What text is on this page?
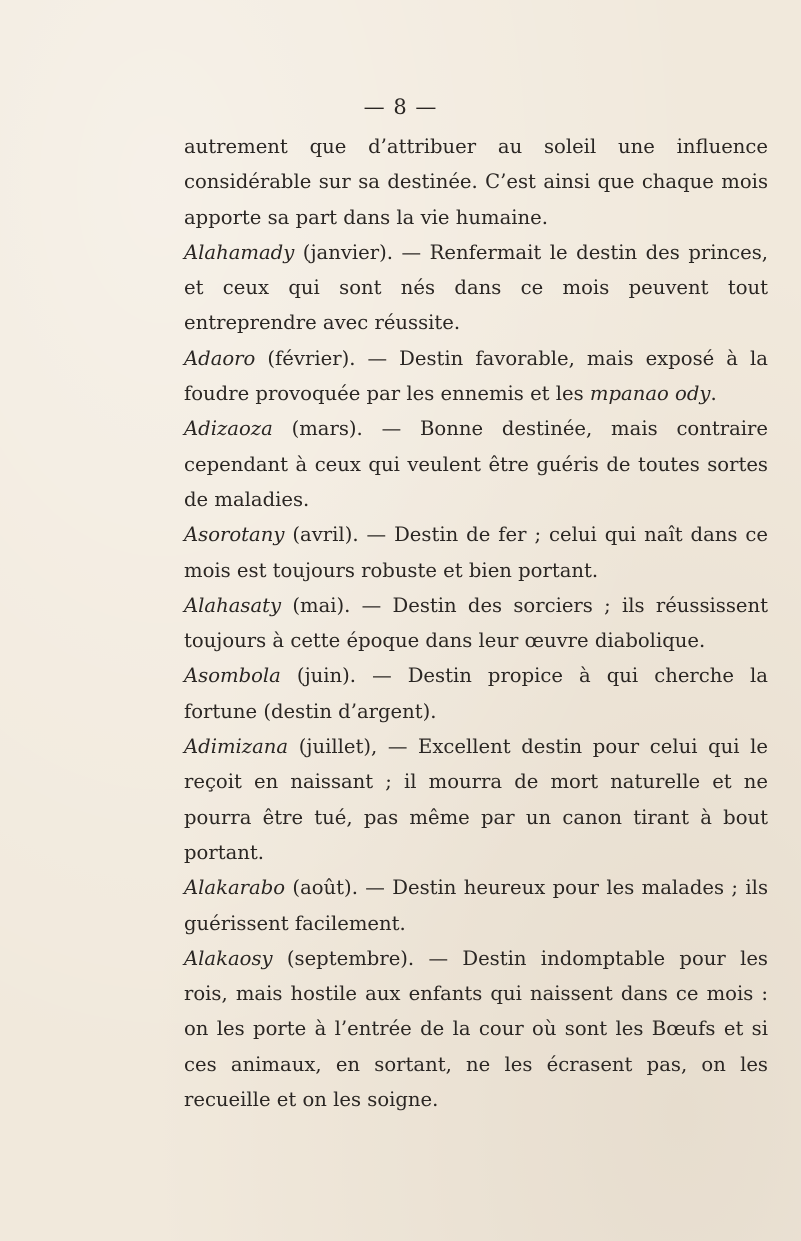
— 8 —

autrement que d’attribuer au soleil une influence considérable sur sa destinée. C’est ainsi que chaque mois apporte sa part dans la vie humaine.

Alahamady (janvier). — Renfermait le destin des princes, et ceux qui sont nés dans ce mois peuvent tout entreprendre avec réussite.

Adaoro (février). — Destin favorable, mais exposé à la foudre provoquée par les ennemis et les mpanao ody.

Adizaoza (mars). — Bonne destinée, mais contraire cependant à ceux qui veulent être guéris de toutes sortes de maladies.

Asorotany (avril). — Destin de fer ; celui qui naît dans ce mois est toujours robuste et bien portant.

Alahasaty (mai). — Destin des sorciers ; ils réussissent toujours à cette époque dans leur œuvre diabolique.

Asombola (juin). — Destin propice à qui cherche la fortune (destin d’argent).

Adimizana (juillet), — Excellent destin pour celui qui le reçoit en naissant ; il mourra de mort naturelle et ne pourra être tué, pas même par un canon tirant à bout portant.

Alakarabo (août). — Destin heureux pour les malades ; ils guérissent facilement.

Alakaosy (septembre). — Destin indomptable pour les rois, mais hostile aux enfants qui naissent dans ce mois : on les porte à l’entrée de la cour où sont les Bœufs et si ces animaux, en sortant, ne les écrasent pas, on les recueille et on les soigne.
